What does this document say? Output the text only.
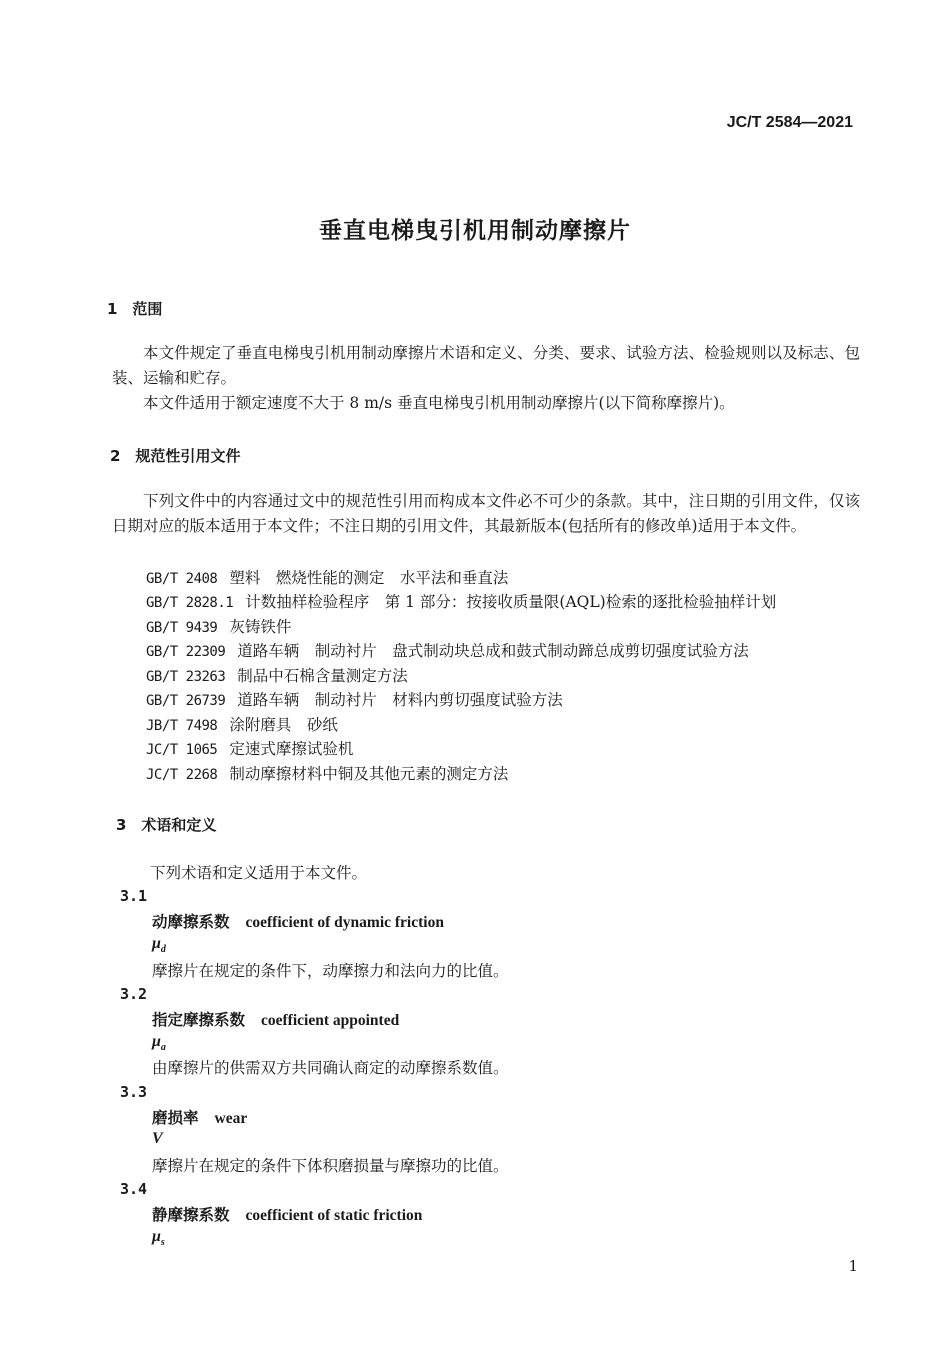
JC/T 2584—2021
垂直电梯曳引机用制动摩擦片
1　范围
本文件规定了垂直电梯曳引机用制动摩擦片术语和定义、分类、要求、试验方法、检验规则以及标志、包装、运输和贮存。
本文件适用于额定速度不大于 8 m/s 垂直电梯曳引机用制动摩擦片(以下简称摩擦片)。
2　规范性引用文件
下列文件中的内容通过文中的规范性引用而构成本文件必不可少的条款。其中，注日期的引用文件，仅该日期对应的版本适用于本文件；不注日期的引用文件，其最新版本(包括所有的修改单)适用于本文件。
GB/T 2408 塑料　燃烧性能的测定　水平法和垂直法
GB/T 2828.1 计数抽样检验程序　第 1 部分：按接收质量限(AQL)检索的逐批检验抽样计划
GB/T 9439 灰铸铁件
GB/T 22309 道路车辆　制动衬片　盘式制动块总成和鼓式制动蹄总成剪切强度试验方法
GB/T 23263 制品中石棉含量测定方法
GB/T 26739 道路车辆　制动衬片　材料内剪切强度试验方法
JB/T 7498 涂附磨具　砂纸
JC/T 1065 定速式摩擦试验机
JC/T 2268 制动摩擦材料中铜及其他元素的测定方法
3　术语和定义
下列术语和定义适用于本文件。
3.1
动摩擦系数 coefficient of dynamic friction
$\mu_d$
摩擦片在规定的条件下，动摩擦力和法向力的比值。
3.2
指定摩擦系数 coefficient appointed
$\mu_a$
由摩擦片的供需双方共同确认商定的动摩擦系数值。
3.3
磨损率 wear
V
摩擦片在规定的条件下体积磨损量与摩擦功的比值。
3.4
静摩擦系数 coefficient of static friction
$\mu_s$
1
